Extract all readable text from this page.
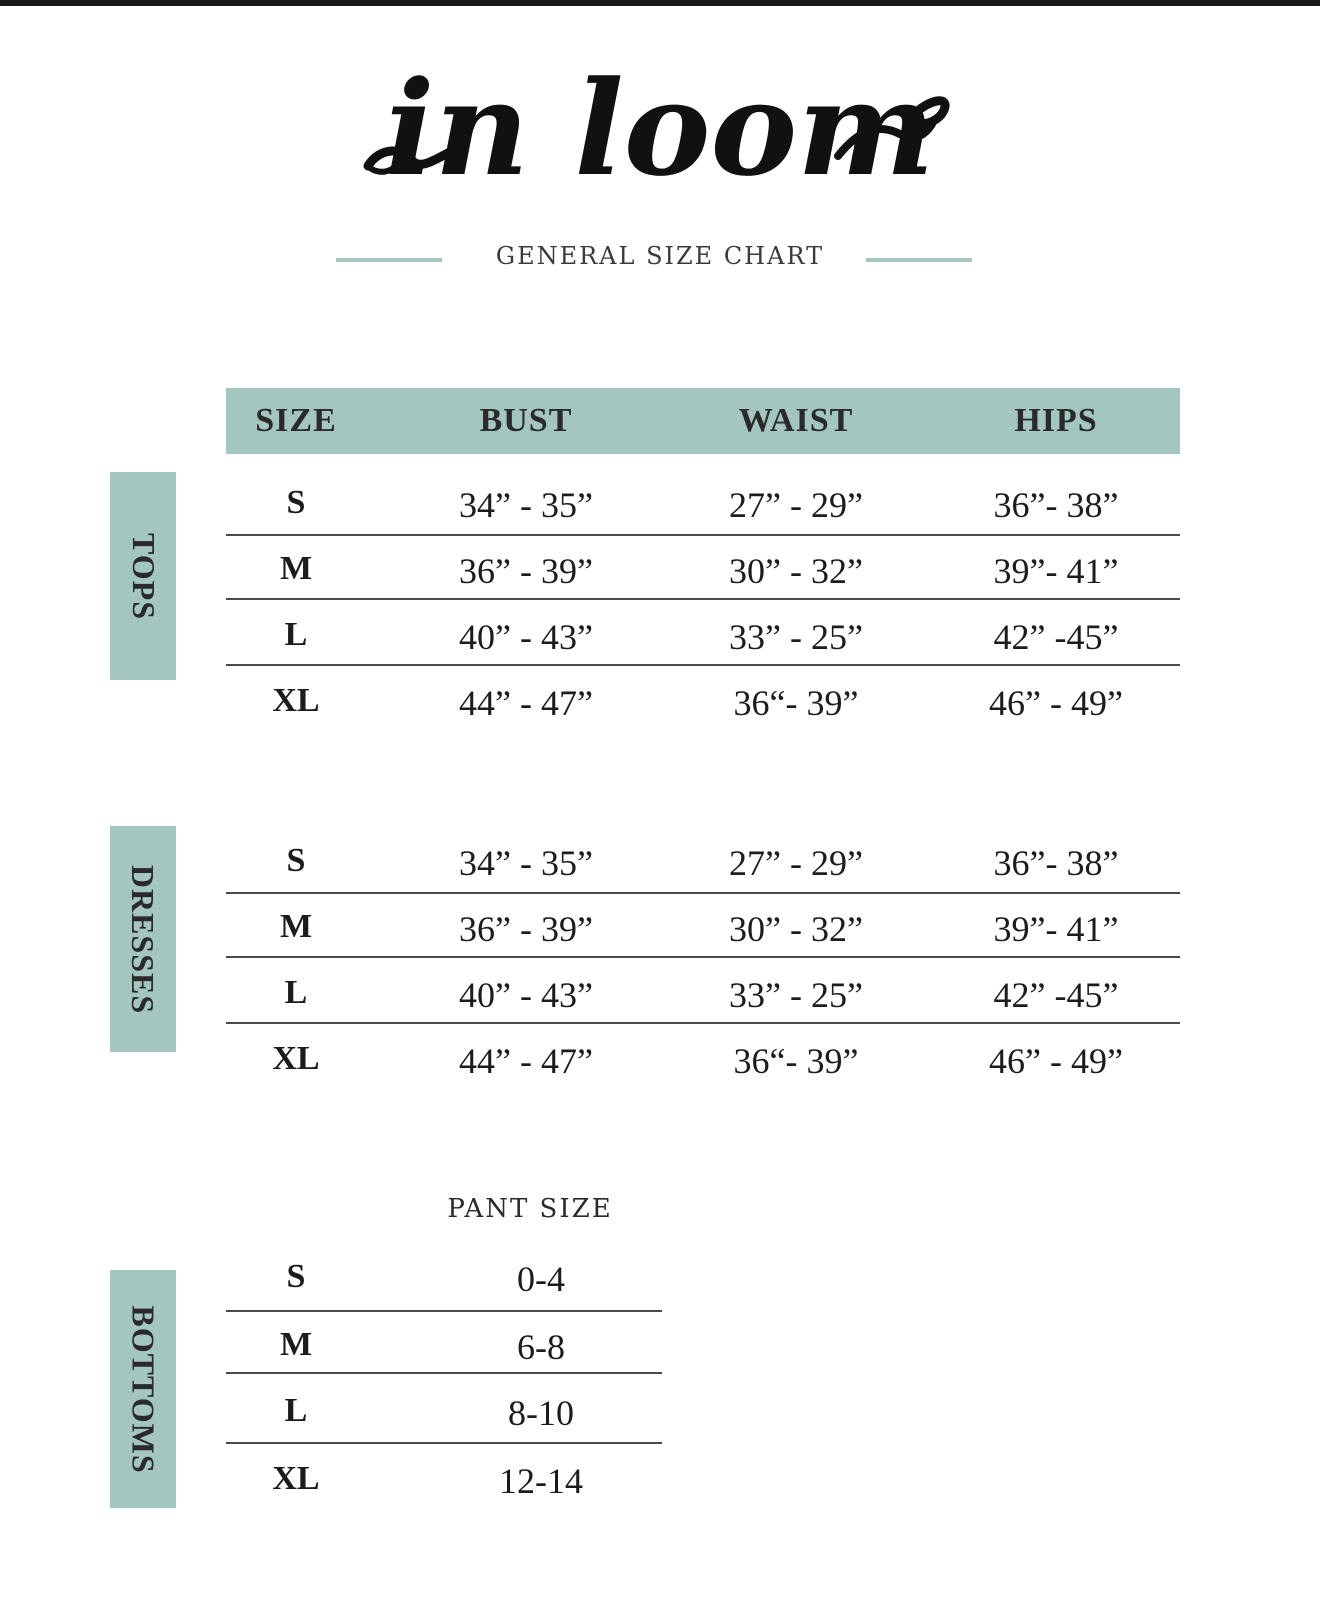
in loom
GENERAL SIZE CHART
SIZE	BUST	WAIST	HIPS
TOPS
S	34” - 35”	27” - 29”	36”- 38”
M	36” - 39”	30” - 32”	39”- 41”
L	40” - 43”	33” - 25”	42” -45”
XL	44” - 47”	36“- 39”	46” - 49”
DRESSES
S	34” - 35”	27” - 29”	36”- 38”
M	36” - 39”	30” - 32”	39”- 41”
L	40” - 43”	33” - 25”	42” -45”
XL	44” - 47”	36“- 39”	46” - 49”
PANT SIZE
BOTTOMS
S	0-4
M	6-8
L	8-10
XL	12-14
